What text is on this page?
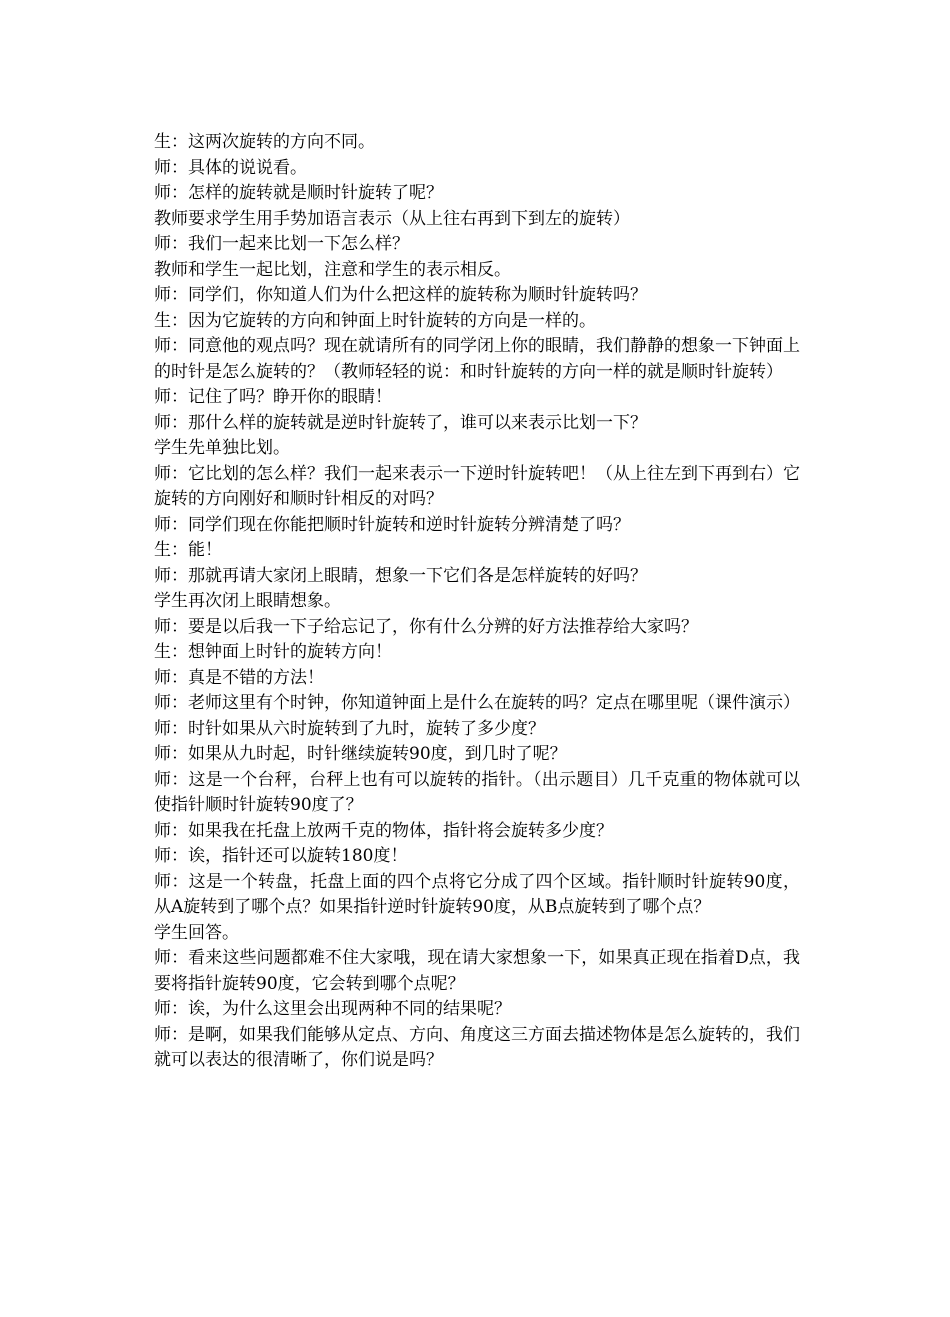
生：这两次旋转的方向不同。

师：具体的说说看。

师：怎样的旋转就是顺时针旋转了呢？

教师要求学生用手势加语言表示（从上往右再到下到左的旋转）

师：我们一起来比划一下怎么样？

教师和学生一起比划，注意和学生的表示相反。

师：同学们，你知道人们为什么把这样的旋转称为顺时针旋转吗？

生：因为它旋转的方向和钟面上时针旋转的方向是一样的。

师：同意他的观点吗？现在就请所有的同学闭上你的眼睛，我们静静的想象一下钟面上的时针是怎么旋转的？（教师轻轻的说：和时针旋转的方向一样的就是顺时针旋转）

师：记住了吗？睁开你的眼睛！

师：那什么样的旋转就是逆时针旋转了，谁可以来表示比划一下？

学生先单独比划。

师：它比划的怎么样？我们一起来表示一下逆时针旋转吧！（从上往左到下再到右）它旋转的方向刚好和顺时针相反的对吗？

师：同学们现在你能把顺时针旋转和逆时针旋转分辨清楚了吗？

生：能！

师：那就再请大家闭上眼睛，想象一下它们各是怎样旋转的好吗？

学生再次闭上眼睛想象。

师：要是以后我一下子给忘记了，你有什么分辨的好方法推荐给大家吗？

生：想钟面上时针的旋转方向！

师：真是不错的方法！

师：老师这里有个时钟，你知道钟面上是什么在旋转的吗？定点在哪里呢（课件演示）

师：时针如果从六时旋转到了九时，旋转了多少度？

师：如果从九时起，时针继续旋转90度，到几时了呢？

师：这是一个台秤，台秤上也有可以旋转的指针。（出示题目）几千克重的物体就可以使指针顺时针旋转90度了？

师：如果我在托盘上放两千克的物体，指针将会旋转多少度？

师：诶，指针还可以旋转180度！

师：这是一个转盘，托盘上面的四个点将它分成了四个区域。指针顺时针旋转90度，从A旋转到了哪个点？如果指针逆时针旋转90度，从B点旋转到了哪个点？

学生回答。

师：看来这些问题都难不住大家哦，现在请大家想象一下，如果真正现在指着D点，我要将指针旋转90度，它会转到哪个点呢？

师：诶，为什么这里会出现两种不同的结果呢？

师：是啊，如果我们能够从定点、方向、角度这三方面去描述物体是怎么旋转的，我们就可以表达的很清晰了，你们说是吗？
